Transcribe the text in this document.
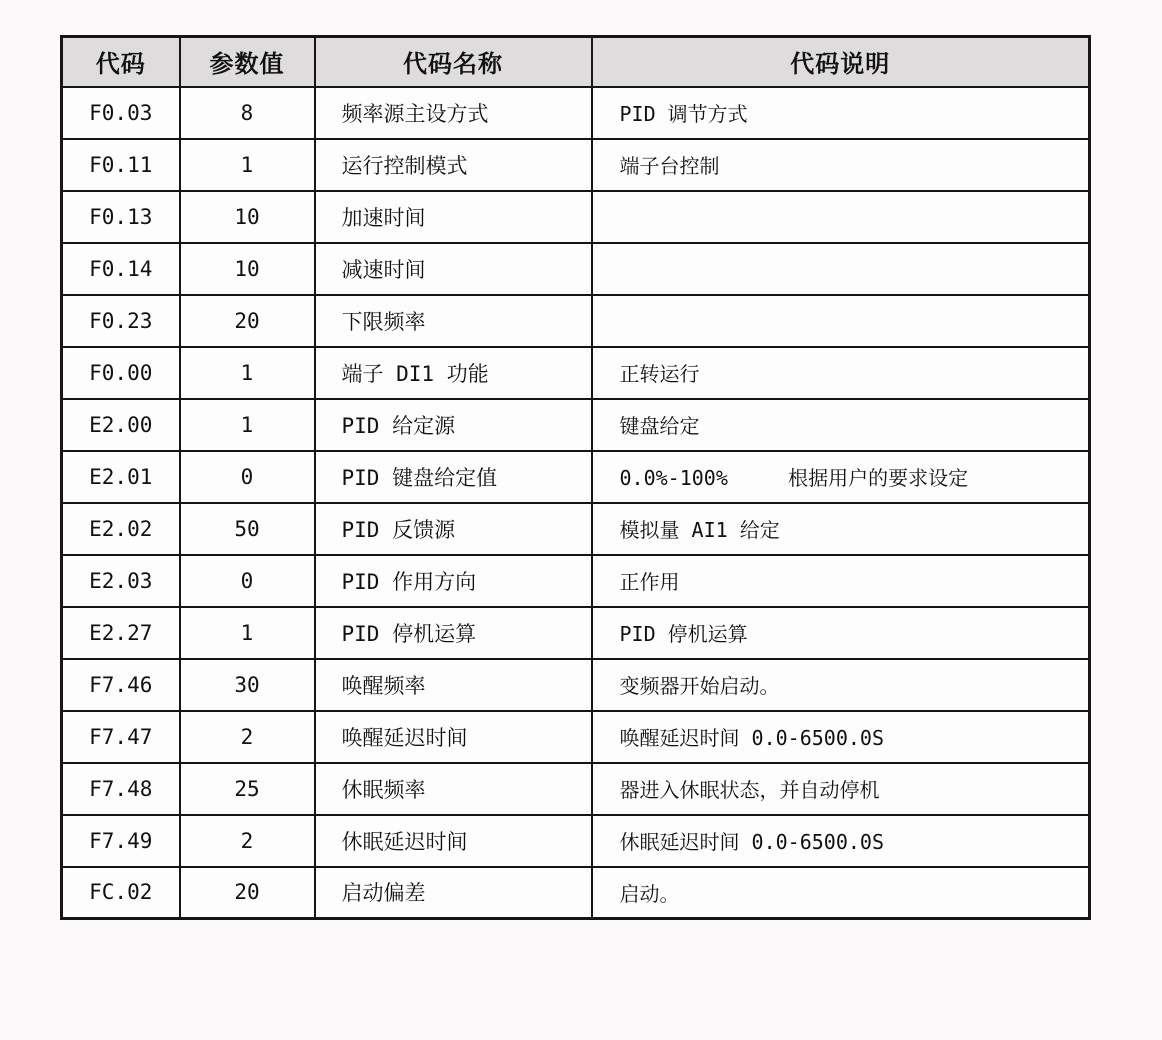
代码	参数值	代码名称	代码说明
F0.03	8	频率源主设方式	PID 调节方式
F0.11	1	运行控制模式	端子台控制
F0.13	10	加速时间	
F0.14	10	减速时间	
F0.23	20	下限频率	
F0.00	1	端子 DI1 功能	正转运行
E2.00	1	PID 给定源	键盘给定
E2.01	0	PID 键盘给定值	0.0%-100%     根据用户的要求设定
E2.02	50	PID 反馈源	模拟量 AI1 给定
E2.03	0	PID 作用方向	正作用
E2.27	1	PID 停机运算	PID 停机运算
F7.46	30	唤醒频率	变频器开始启动。
F7.47	2	唤醒延迟时间	唤醒延迟时间 0.0-6500.0S
F7.48	25	休眠频率	器进入休眠状态，并自动停机
F7.49	2	休眠延迟时间	休眠延迟时间 0.0-6500.0S
FC.02	20	启动偏差	启动。
